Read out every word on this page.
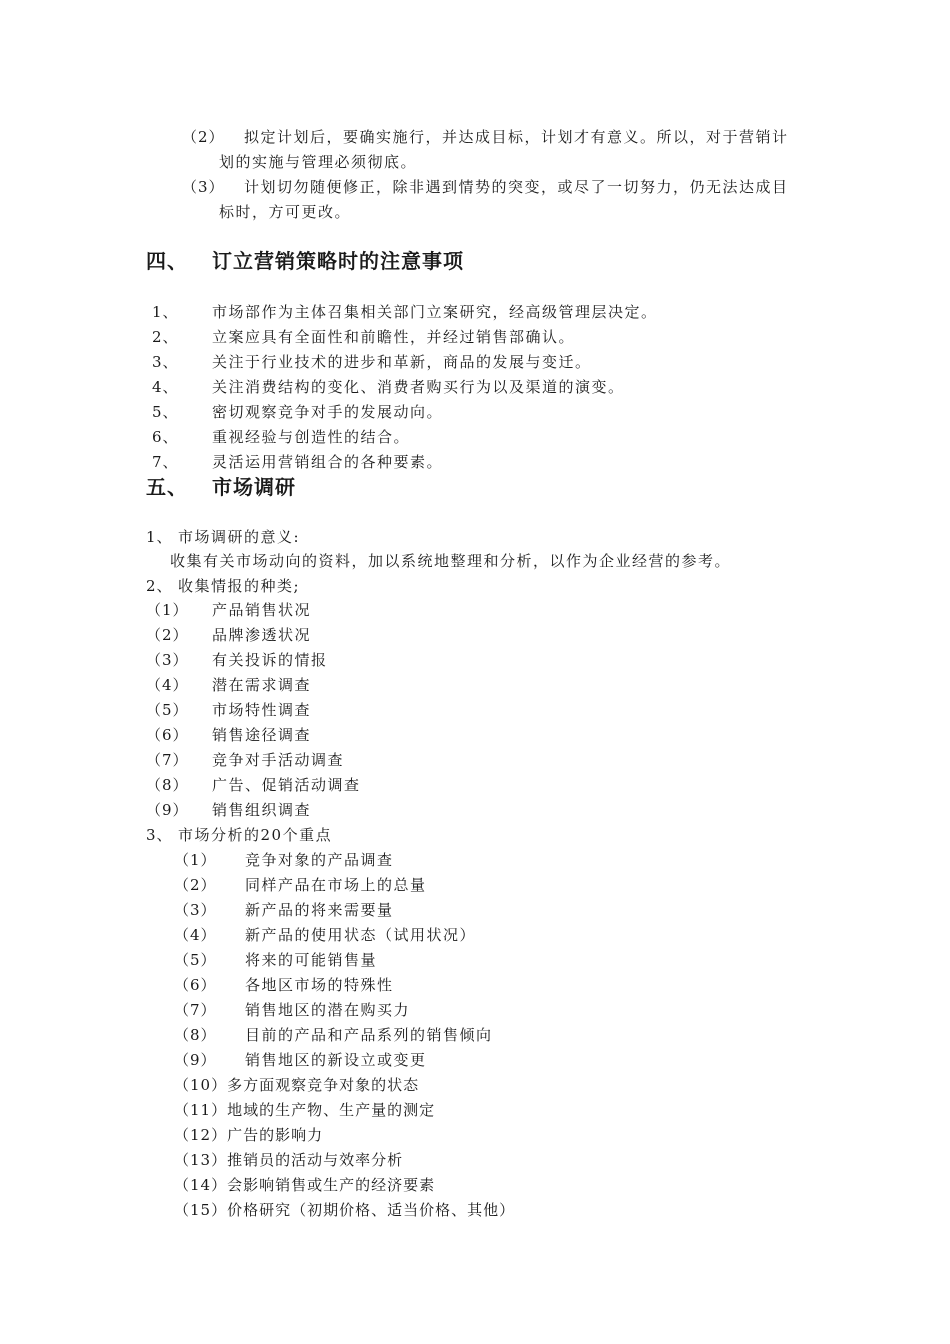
（2） 拟定计划后，要确实施行，并达成目标，计划才有意义。所以，对于营销计
划的实施与管理必须彻底。
（3） 计划切勿随便修正，除非遇到情势的突变，或尽了一切努力，仍无法达成目
标时，方可更改。
四、 订立营销策略时的注意事项
1、 市场部作为主体召集相关部门立案研究，经高级管理层决定。
2、 立案应具有全面性和前瞻性，并经过销售部确认。
3、 关注于行业技术的进步和革新，商品的发展与变迁。
4、 关注消费结构的变化、消费者购买行为以及渠道的演变。
5、 密切观察竞争对手的发展动向。
6、 重视经验与创造性的结合。
7、 灵活运用营销组合的各种要素。
五、 市场调研
1、 市场调研的意义:
收集有关市场动向的资料，加以系统地整理和分析，以作为企业经营的参考。
2、 收集情报的种类;
（1） 产品销售状况
（2） 品牌渗透状况
（3） 有关投诉的情报
（4） 潜在需求调查
（5） 市场特性调查
（6） 销售途径调查
（7） 竞争对手活动调查
（8） 广告、促销活动调查
（9） 销售组织调查
3、 市场分析的20个重点
（1） 竞争对象的产品调查
（2） 同样产品在市场上的总量
（3） 新产品的将来需要量
（4） 新产品的使用状态（试用状况）
（5） 将来的可能销售量
（6） 各地区市场的特殊性
（7） 销售地区的潜在购买力
（8） 目前的产品和产品系列的销售倾向
（9） 销售地区的新设立或变更
（10）多方面观察竞争对象的状态
（11）地域的生产物、生产量的测定
（12）广告的影响力
（13）推销员的活动与效率分析
（14）会影响销售或生产的经济要素
（15）价格研究（初期价格、适当价格、其他）
